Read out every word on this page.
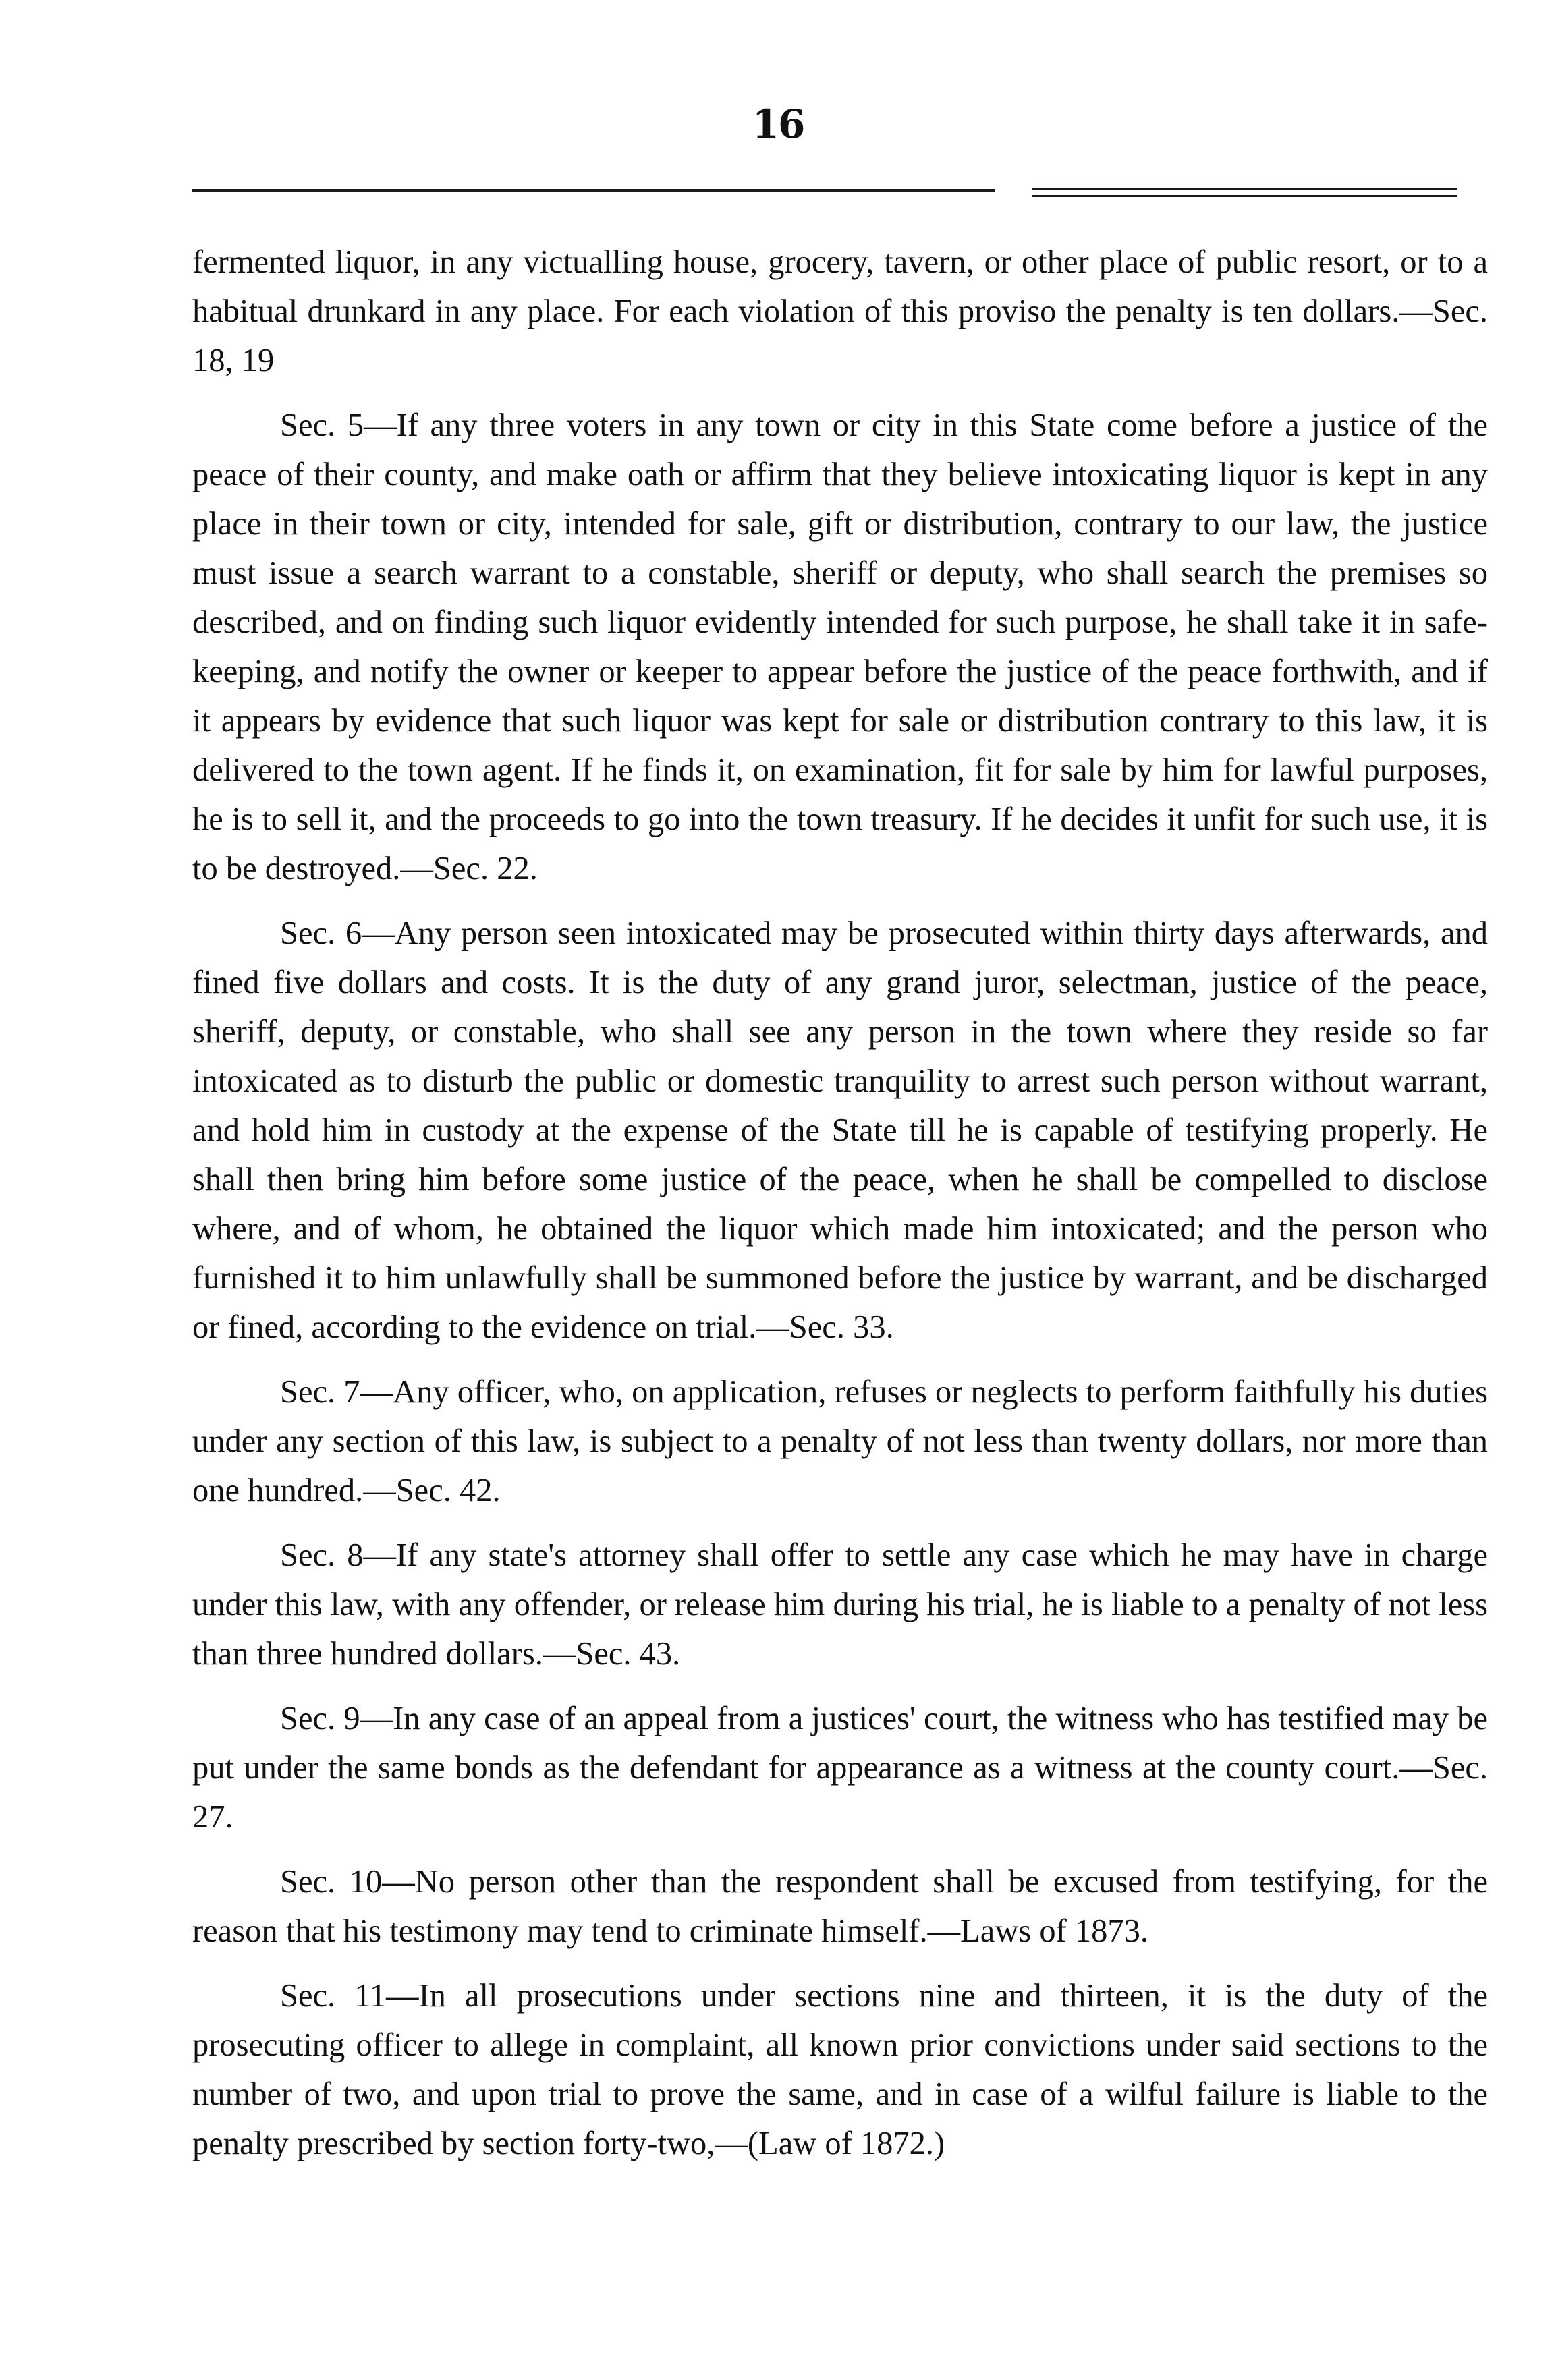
16

fermented liquor, in any victualling house, grocery, tavern, or other place of public resort, or to a habitual drunkard in any place. For each violation of this proviso the penalty is ten dollars.—Sec. 18, 19

Sec. 5—If any three voters in any town or city in this State come before a justice of the peace of their county, and make oath or affirm that they believe intoxicating liquor is kept in any place in their town or city, intended for sale, gift or distribution, contrary to our law, the justice must issue a search warrant to a constable, sheriff or deputy, who shall search the premises so described, and on finding such liquor evidently intended for such purpose, he shall take it in safe-keeping, and notify the owner or keeper to appear before the justice of the peace forthwith, and if it appears by evidence that such liquor was kept for sale or distribution contrary to this law, it is delivered to the town agent. If he finds it, on examination, fit for sale by him for lawful purposes, he is to sell it, and the proceeds to go into the town treasury. If he decides it unfit for such use, it is to be destroyed.—Sec. 22.

Sec. 6—Any person seen intoxicated may be prosecuted within thirty days afterwards, and fined five dollars and costs. It is the duty of any grand juror, selectman, justice of the peace, sheriff, deputy, or constable, who shall see any person in the town where they reside so far intoxicated as to disturb the public or domestic tranquility to arrest such person without warrant, and hold him in custody at the expense of the State till he is capable of testifying properly. He shall then bring him before some justice of the peace, when he shall be compelled to disclose where, and of whom, he obtained the liquor which made him intoxicated; and the person who furnished it to him unlawfully shall be summoned before the justice by warrant, and be discharged or fined, according to the evidence on trial.—Sec. 33.

Sec. 7—Any officer, who, on application, refuses or neglects to perform faithfully his duties under any section of this law, is subject to a penalty of not less than twenty dollars, nor more than one hundred.—Sec. 42.

Sec. 8—If any state's attorney shall offer to settle any case which he may have in charge under this law, with any offender, or release him during his trial, he is liable to a penalty of not less than three hundred dollars.—Sec. 43.

Sec. 9—In any case of an appeal from a justices' court, the witness who has testified may be put under the same bonds as the defendant for appearance as a witness at the county court.—Sec. 27.

Sec. 10—No person other than the respondent shall be excused from testifying, for the reason that his testimony may tend to criminate himself.—Laws of 1873.

Sec. 11—In all prosecutions under sections nine and thirteen, it is the duty of the prosecuting officer to allege in complaint, all known prior convictions under said sections to the number of two, and upon trial to prove the same, and in case of a wilful failure is liable to the penalty prescribed by section forty-two,—(Law of 1872.)
